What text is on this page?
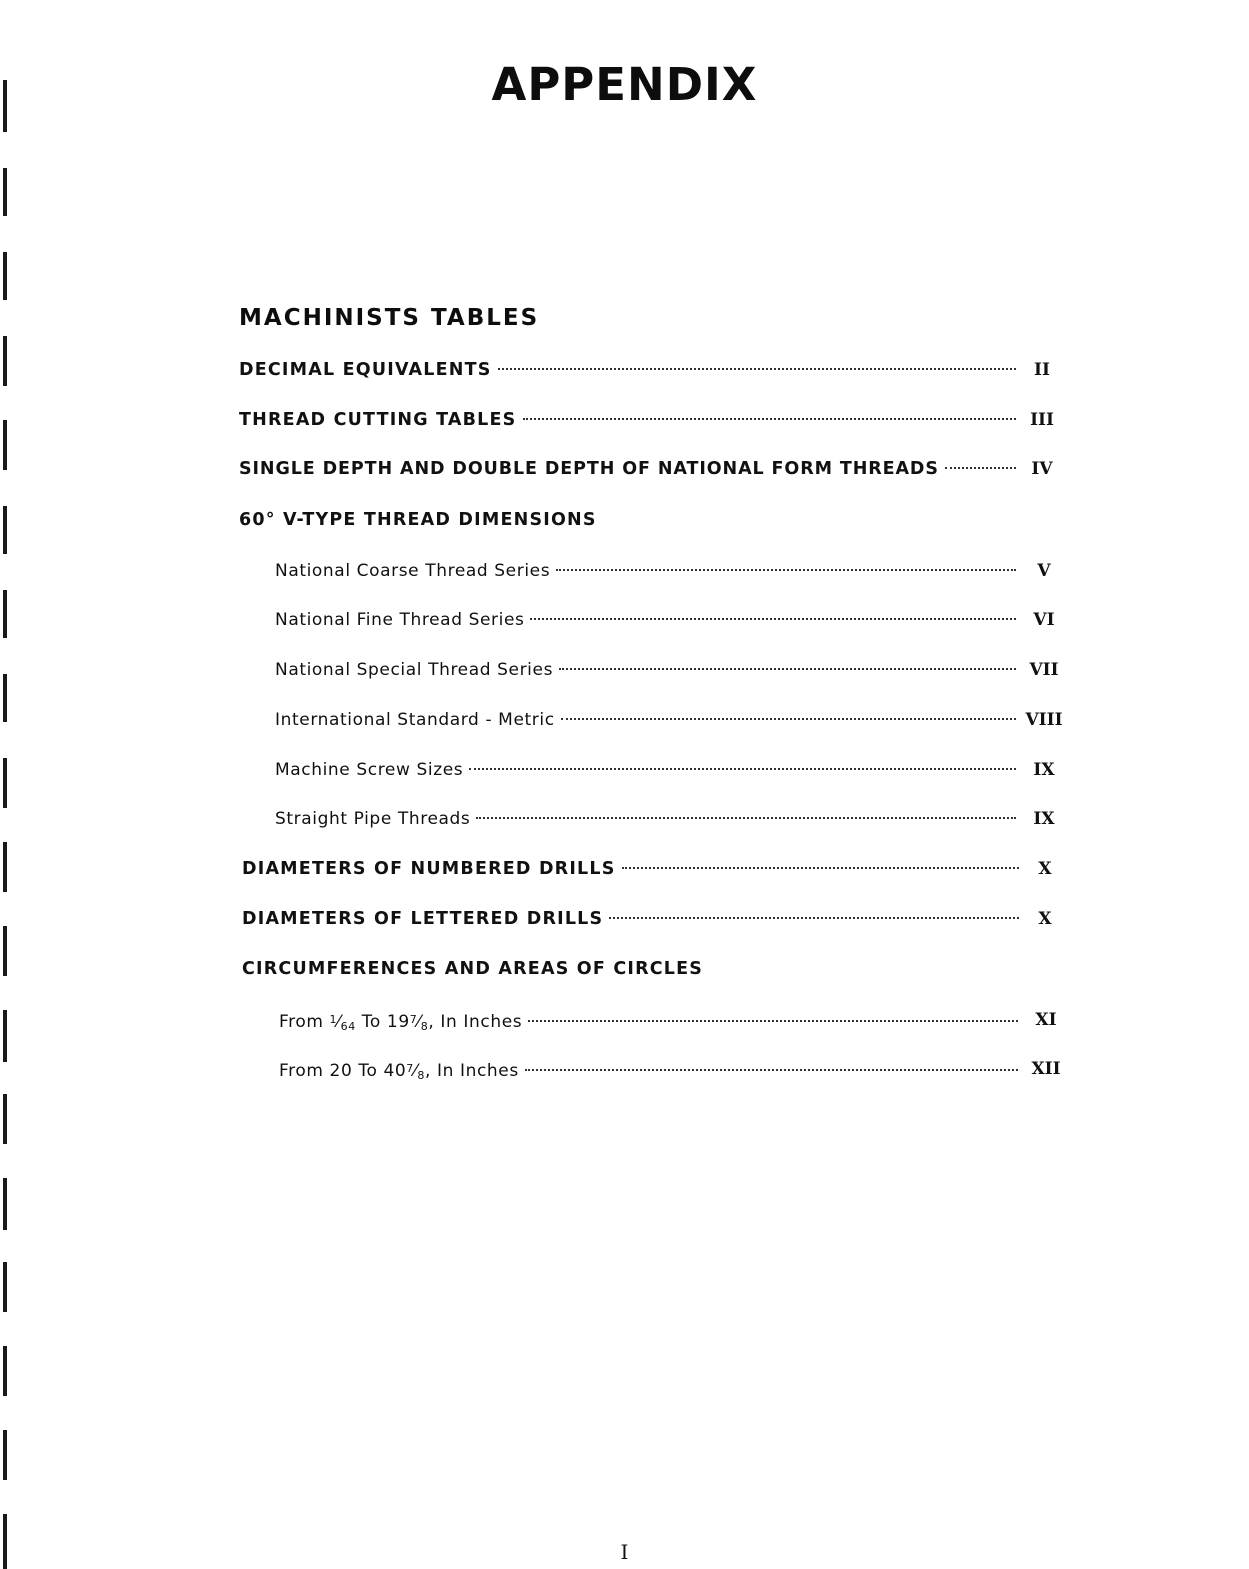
APPENDIX
MACHINISTS TABLES
DECIMAL EQUIVALENTS	II
THREAD CUTTING TABLES	III
SINGLE DEPTH AND DOUBLE DEPTH OF NATIONAL FORM THREADS	IV
60° V-TYPE THREAD DIMENSIONS
National Coarse Thread Series	V
National Fine Thread Series	VI
National Special Thread Series	VII
International Standard - Metric	VIII
Machine Screw Sizes	IX
Straight Pipe Threads	IX
DIAMETERS OF NUMBERED DRILLS	X
DIAMETERS OF LETTERED DRILLS	X
CIRCUMFERENCES AND AREAS OF CIRCLES
From $^1$⁄64 To $19^7⁄8$, In Inches	XI
From 20 To $40^7⁄8$, In Inches	XII
I
